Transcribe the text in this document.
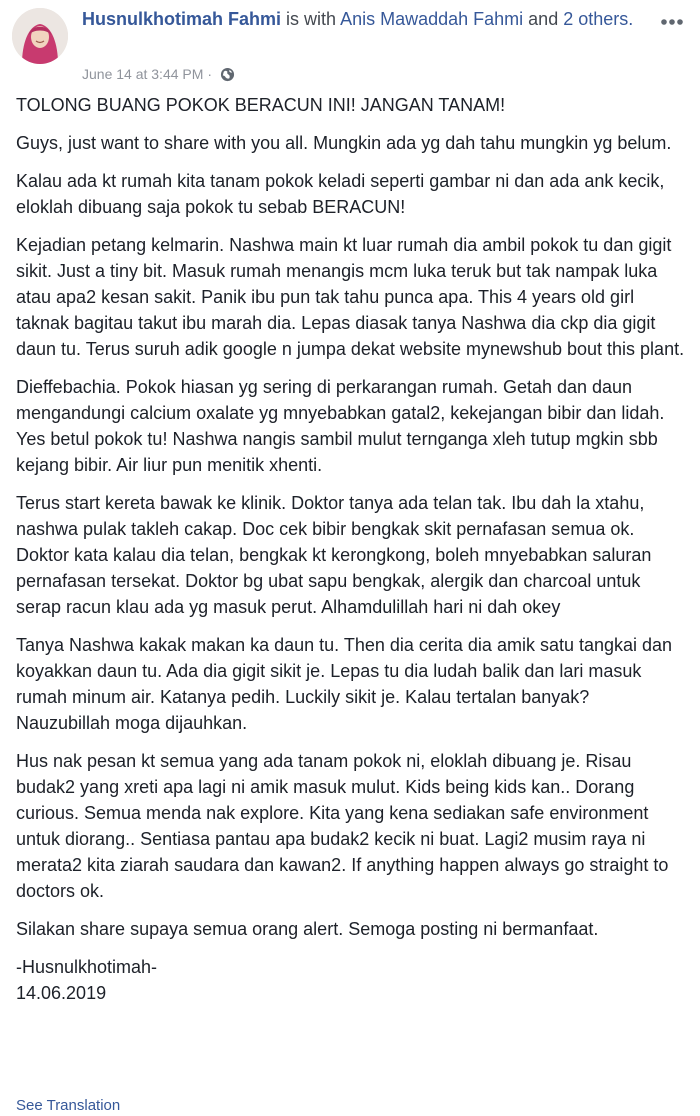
Husnulkhotimah Fahmi is with Anis Mawaddah Fahmi and 2 others.
June 14 at 3:44 PM ·

TOLONG BUANG POKOK BERACUN INI! JANGAN TANAM!

Guys, just want to share with you all. Mungkin ada yg dah tahu mungkin yg belum.

Kalau ada kt rumah kita tanam pokok keladi seperti gambar ni dan ada ank kecik, eloklah dibuang saja pokok tu sebab BERACUN!

Kejadian petang kelmarin. Nashwa main kt luar rumah dia ambil pokok tu dan gigit sikit. Just a tiny bit. Masuk rumah menangis mcm luka teruk but tak nampak luka atau apa2 kesan sakit. Panik ibu pun tak tahu punca apa. This 4 years old girl taknak bagitau takut ibu marah dia. Lepas diasak tanya Nashwa dia ckp dia gigit daun tu. Terus suruh adik google n jumpa dekat website mynewshub bout this plant.

Dieffebachia. Pokok hiasan yg sering di perkarangan rumah. Getah dan daun mengandungi calcium oxalate yg mnyebabkan gatal2, kekejangan bibir dan lidah. Yes betul pokok tu! Nashwa nangis sambil mulut ternganga xleh tutup mgkin sbb kejang bibir. Air liur pun menitik xhenti.

Terus start kereta bawak ke klinik. Doktor tanya ada telan tak. Ibu dah la xtahu, nashwa pulak takleh cakap. Doc cek bibir bengkak skit pernafasan semua ok. Doktor kata kalau dia telan, bengkak kt kerongkong, boleh mnyebabkan saluran pernafasan tersekat. Doktor bg ubat sapu bengkak, alergik dan charcoal untuk serap racun klau ada yg masuk perut. Alhamdulillah hari ni dah okey

Tanya Nashwa kakak makan ka daun tu. Then dia cerita dia amik satu tangkai dan koyakkan daun tu. Ada dia gigit sikit je. Lepas tu dia ludah balik dan lari masuk rumah minum air. Katanya pedih. Luckily sikit je. Kalau tertalan banyak? Nauzubillah moga dijauhkan.

Hus nak pesan kt semua yang ada tanam pokok ni, eloklah dibuang je. Risau budak2 yang xreti apa lagi ni amik masuk mulut. Kids being kids kan.. Dorang curious. Semua menda nak explore. Kita yang kena sediakan safe environment untuk diorang.. Sentiasa pantau apa budak2 kecik ni buat. Lagi2 musim raya ni merata2 kita ziarah saudara dan kawan2. If anything happen always go straight to doctors ok.

Silakan share supaya semua orang alert. Semoga posting ni bermanfaat.

-Husnulkhotimah-

14.06.2019

See Translation
